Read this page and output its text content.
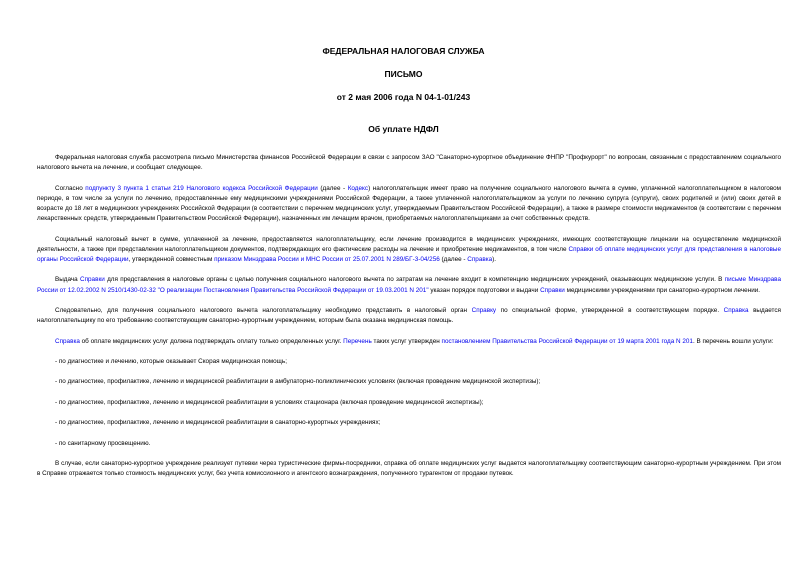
ФЕДЕРАЛЬНАЯ НАЛОГОВАЯ СЛУЖБА
ПИСЬМО
от 2 мая 2006 года N 04-1-01/243
Об уплате НДФЛ

Федеральная налоговая служба рассмотрела письмо Министерства финансов Российской Федерации в связи с запросом ЗАО "Санаторно-курортное объединение ФНПР "Профкурорт" по вопросам, связанным с предоставлением социального налогового вычета на лечение, и сообщает следующее.

Согласно подпункту 3 пункта 1 статьи 219 Налогового кодекса Российской Федерации (далее - Кодекс) налогоплательщик имеет право на получение социального налогового вычета в сумме, уплаченной налогоплательщиком в налоговом периоде, в том числе за услуги по лечению, предоставленные ему медицинскими учреждениями Российской Федерации, а также уплаченной налогоплательщиком за услуги по лечению супруга (супруги), своих родителей и (или) своих детей в возрасте до 18 лет в медицинских учреждениях Российской Федерации (в соответствии с перечнем медицинских услуг, утверждаемым Правительством Российской Федерации), а также в размере стоимости медикаментов (в соответствии с перечнем лекарственных средств, утверждаемым Правительством Российской Федерации), назначенных им лечащим врачом, приобретаемых налогоплательщиками за счет собственных средств.

Социальный налоговый вычет в сумме, уплаченной за лечение, предоставляется налогоплательщику, если лечение производится в медицинских учреждениях, имеющих соответствующие лицензии на осуществление медицинской деятельности, а также при представлении налогоплательщиком документов, подтверждающих его фактические расходы на лечение и приобретение медикаментов, в том числе Справки об оплате медицинских услуг для представления в налоговые органы Российской Федерации, утвержденной совместным приказом Минздрава России и МНС России от 25.07.2001 N 289/БГ-3-04/256 (далее - Справка).

Выдача Справки для представления в налоговые органы с целью получения социального налогового вычета по затратам на лечение входит в компетенцию медицинских учреждений, оказывающих медицинские услуги. В письме Минздрава России от 12.02.2002 N 2510/1430-02-32 "О реализации Постановления Правительства Российской Федерации от 19.03.2001 N 201" указан порядок подготовки и выдачи Справки медицинскими учреждениями при санаторно-курортном лечении.

Следовательно, для получения социального налогового вычета налогоплательщику необходимо представить в налоговый орган Справку по специальной форме, утвержденной в соответствующем порядке. Справка выдается налогоплательщику по его требованию соответствующим санаторно-курортным учреждением, которым была оказана медицинская помощь.

Справка об оплате медицинских услуг должна подтверждать оплату только определенных услуг. Перечень таких услуг утвержден постановлением Правительства Российской Федерации от 19 марта 2001 года N 201. В перечень вошли услуги:

- по диагностике и лечению, которые оказывает Скорая медицинская помощь;
- по диагностике, профилактике, лечению и медицинской реабилитации в амбулаторно-поликлинических условиях (включая проведение медицинской экспертизы);
- по диагностике, профилактике, лечению и медицинской реабилитации в условиях стационара (включая проведение медицинской экспертизы);
- по диагностике, профилактике, лечению и медицинской реабилитации в санаторно-курортных учреждениях;
- по санитарному просвещению.

В случае, если санаторно-курортное учреждение реализует путевки через туристические фирмы-посредники, справка об оплате медицинских услуг выдается налогоплательщику соответствующим санаторно-курортным учреждением. При этом в Справке отражается только стоимость медицинских услуг, без учета комиссионного и агентского вознаграждения, полученного турагентом от продажи путевок.
